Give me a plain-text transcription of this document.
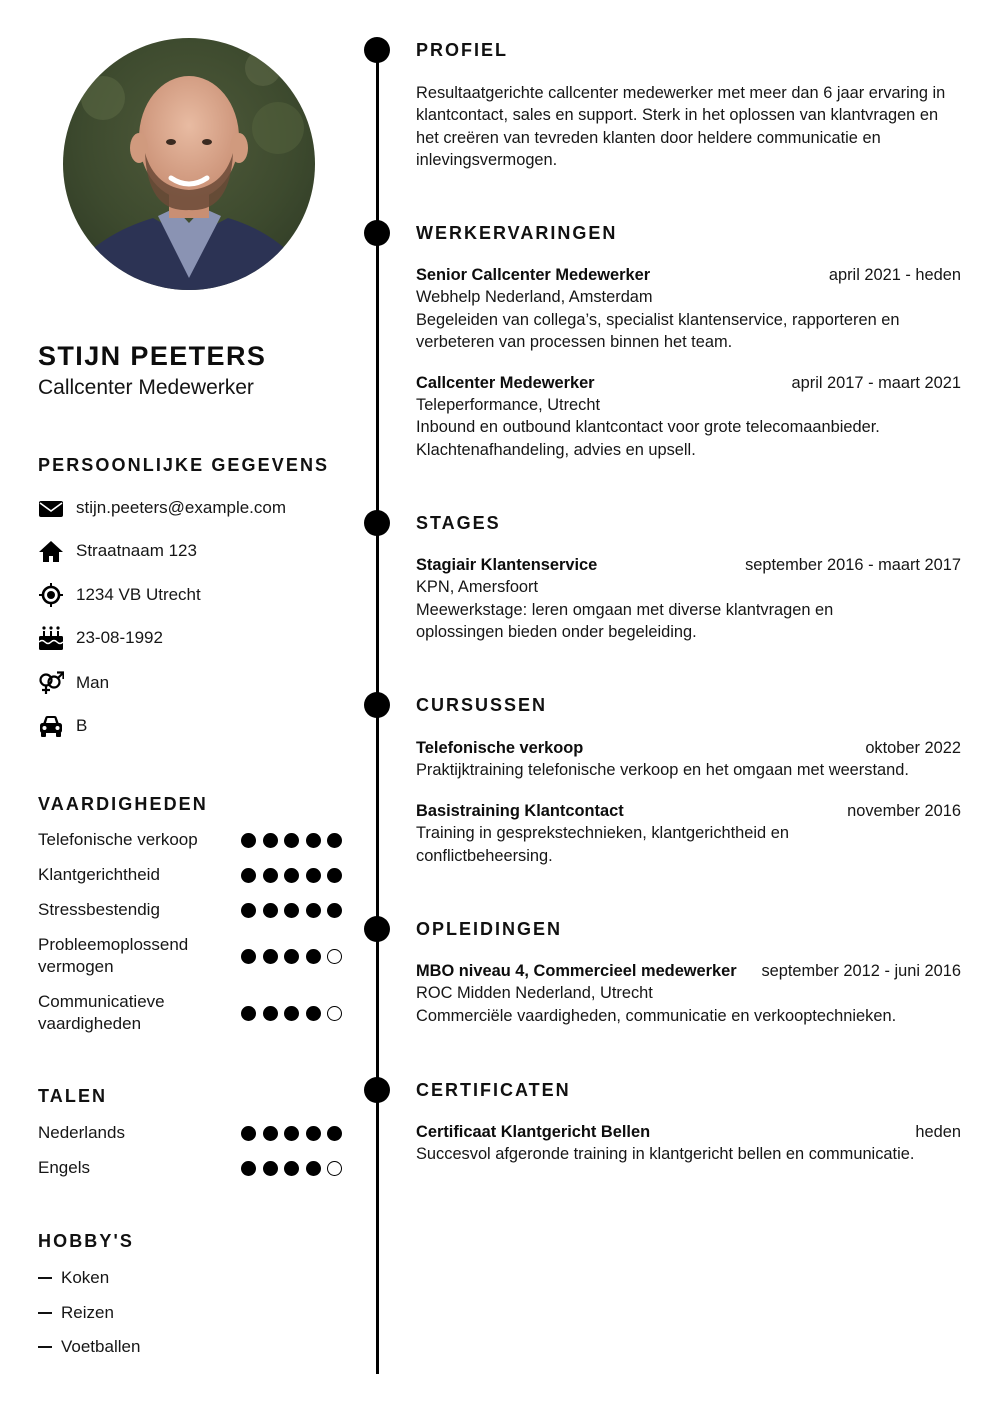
STIJN PEETERS
Callcenter Medewerker
PERSOONLIJKE GEGEVENS
stijn.peeters@example.com
Straatnaam 123
1234 VB Utrecht
23-08-1992
Man
B
VAARDIGHEDEN
Telefonische verkoop
Klantgerichtheid
Stressbestendig
Probleemoplossend vermogen
Communicatieve vaardigheden
TALEN
Nederlands
Engels
HOBBY'S
Koken
Reizen
Voetballen
PROFIEL

Resultaatgerichte callcenter medewerker met meer dan 6 jaar ervaring in klantcontact, sales en support. Sterk in het oplossen van klantvragen en het creëren van tevreden klanten door heldere communicatie en inlevingsvermogen.

WERKERVARINGEN
Senior Callcenter Medewerker	april 2021 - heden
Webhelp Nederland, Amsterdam
Begeleiden van collega’s, specialist klantenservice, rapporteren en verbeteren van processen binnen het team.
Callcenter Medewerker	april 2017 - maart 2021
Teleperformance, Utrecht
Inbound en outbound klantcontact voor grote telecomaanbieder. Klachtenafhandeling, advies en upsell.
STAGES
Stagiair Klantenservice	september 2016 - maart 2017
KPN, Amersfoort
Meewerkstage: leren omgaan met diverse klantvragen en oplossingen bieden onder begeleiding.
CURSUSSEN
Telefonische verkoop	oktober 2022
Praktijktraining telefonische verkoop en het omgaan met weerstand.
Basistraining Klantcontact	november 2016
Training in gesprekstechnieken, klantgerichtheid en conflictbeheersing.
OPLEIDINGEN
MBO niveau 4, Commercieel medewerker september 2012 - juni 2016
ROC Midden Nederland, Utrecht
Commerciële vaardigheden, communicatie en verkooptechnieken.
CERTIFICATEN
Certificaat Klantgericht Bellen	heden
Succesvol afgeronde training in klantgericht bellen en communicatie.
